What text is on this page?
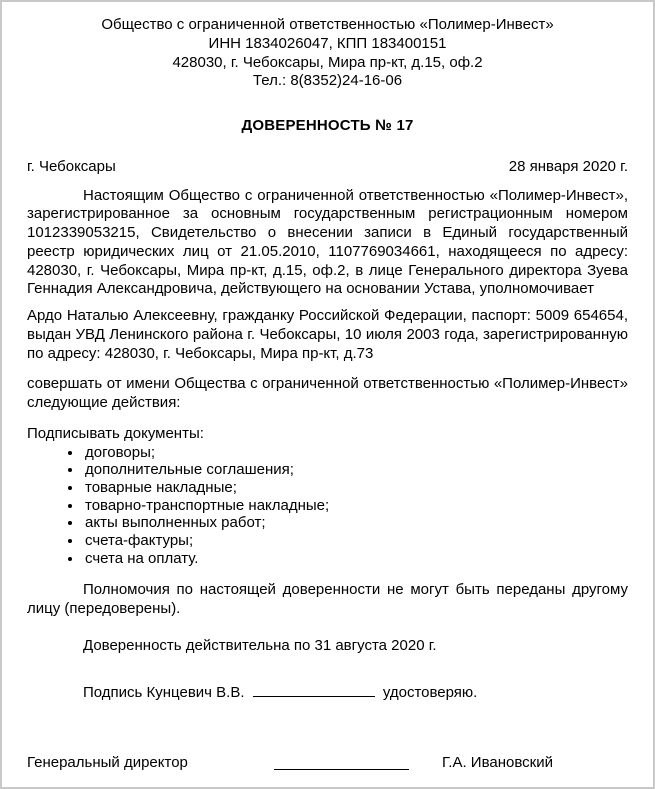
Общество с ограниченной ответственностью «Полимер-Инвест»
ИНН 1834026047, КПП 183400151
428030, г. Чебоксары, Мира пр-кт, д.15, оф.2
Тел.: 8(8352)24-16-06
ДОВЕРЕННОСТЬ № 17
г. Чебоксары	28 января 2020 г.

Настоящим Общество с ограниченной ответственностью «Полимер-Инвест», зарегистрированное за основным государственным регистрационным номером 1012339053215, Свидетельство о внесении записи в Единый государственный реестр юридических лиц от 21.05.2010, 1107769034661, находящееся по адресу: 428030, г. Чебоксары, Мира пр-кт, д.15, оф.2, в лице Генерального директора Зуева Геннадия Александровича, действующего на основании Устава, уполномочивает

Ардо Наталью Алексеевну, гражданку Российской Федерации, паспорт: 5009 654654, выдан УВД Ленинского района г. Чебоксары, 10 июля 2003 года, зарегистрированную по адресу: 428030, г. Чебоксары, Мира пр-кт, д.73

совершать от имени Общества с ограниченной ответственностью «Полимер-Инвест» следующие действия:

Подписывать документы:
• договоры;
• дополнительные соглашения;
• товарные накладные;
• товарно-транспортные накладные;
• акты выполненных работ;
• счета-фактуры;
• счета на оплату.

Полномочия по настоящей доверенности не могут быть переданы другому лицу (передоверены).

Доверенность действительна по 31 августа 2020 г.

Подпись Кунцевич В.В.	удостоверяю.
Генеральный директор	Г.А. Ивановский
